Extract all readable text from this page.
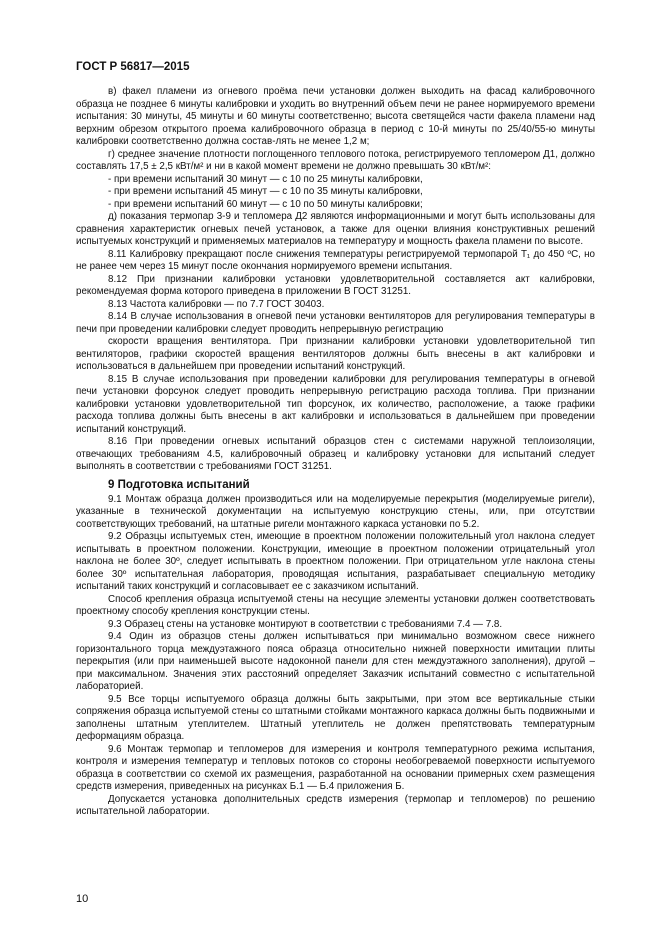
ГОСТ Р 56817—2015

в) факел пламени из огневого проёма печи установки должен выходить на фасад калибровочного образца не позднее 6 минуты калибровки и уходить во внутренний объем печи не ранее нормируемого времени испытания: 30 минуты, 45 минуты и 60 минуты соответственно; высота светящейся части факела пламени над верхним обрезом открытого проема калибровочного образца в период с 10-й минуты по 25/40/55-ю минуты калибровки соответственно должна состав-лять не менее 1,2 м;

г) среднее значение плотности поглощенного теплового потока, регистрируемого тепломером Д1, должно составлять 17,5 ± 2,5 кВт/м² и ни в какой момент времени не должно превышать 30 кВт/м²:

- при времени испытаний 30 минут — с 10 по 25 минуты калибровки,

- при времени испытаний 45 минут — с 10 по 35 минуты калибровки,

- при времени испытаний 60 минут — с 10 по 50 минуты калибровки;

д) показания термопар 3-9 и тепломера Д2 являются информационными и могут быть использованы для сравнения характеристик огневых печей установок, а также для оценки влияния конструктивных решений испытуемых конструкций и применяемых материалов на температуру и мощность факела пламени по высоте.

8.11 Калибровку прекращают после снижения температуры регистрируемой термопарой Т₁ до 450 ºС, но не ранее чем через 15 минут после окончания нормируемого времени испытания.

8.12 При признании калибровки установки удовлетворительной составляется акт калибровки, рекомендуемая форма которого приведена в приложении В ГОСТ 31251.

8.13 Частота калибровки — по 7.7 ГОСТ 30403.

8.14 В случае использования в огневой печи установки вентиляторов для регулирования температуры в печи при проведении калибровки следует проводить непрерывную регистрацию

скорости вращения вентилятора. При признании калибровки установки удовлетворительной тип вентиляторов, графики скоростей вращения вентиляторов должны быть внесены в акт калибровки и использоваться в дальнейшем при проведении испытаний конструкций.

8.15 В случае использования при проведении калибровки для регулирования температуры в огневой печи установки форсунок следует проводить непрерывную регистрацию расхода топлива. При признании калибровки установки удовлетворительной тип форсунок, их количество, расположение, а также графики расхода топлива должны быть внесены в акт калибровки и использоваться в дальнейшем при проведении испытаний конструкций.

8.16 При проведении огневых испытаний образцов стен с системами наружной теплоизоляции, отвечающих требованиям 4.5, калибровочный образец и калибровку установки для испытаний следует выполнять в соответствии с требованиями ГОСТ 31251.

9 Подготовка испытаний

9.1 Монтаж образца должен производиться или на моделируемые перекрытия (моделируемые ригели), указанные в технической документации на испытуемую конструкцию стены, или, при отсутствии соответствующих требований, на штатные ригели монтажного каркаса установки по 5.2.

9.2 Образцы испытуемых стен, имеющие в проектном положении положительный угол наклона следует испытывать в проектном положении. Конструкции, имеющие в проектном положении отрицательный угол наклона не более 30º, следует испытывать в проектном положении. При отрицательном угле наклона стены более 30º испытательная лаборатория, проводящая испытания, разрабатывает специальную методику испытаний таких конструкций и согласовывает ее с заказчиком испытаний.

Способ крепления образца испытуемой стены на несущие элементы установки должен соответствовать проектному способу крепления конструкции стены.

9.3 Образец стены на установке монтируют в соответствии с требованиями 7.4 — 7.8.

9.4 Один из образцов стены должен испытываться при минимально возможном свесе нижнего горизонтального торца междуэтажного пояса образца относительно нижней поверхности имитации плиты перекрытия (или при наименьшей высоте надоконной панели для стен междуэтажного заполнения), другой – при максимальном. Значения этих расстояний определяет Заказчик испытаний совместно с испытательной лабораторией.

9.5 Все торцы испытуемого образца должны быть закрытыми, при этом все вертикальные стыки сопряжения образца испытуемой стены со штатными стойками монтажного каркаса должны быть подвижными и заполнены штатным утеплителем. Штатный утеплитель не должен препятствовать температурным деформациям образца.

9.6 Монтаж термопар и тепломеров для измерения и контроля температурного режима испытания, контроля и измерения температур и тепловых потоков со стороны необогреваемой поверхности испытуемого образца в соответствии со схемой их размещения, разработанной на основании примерных схем размещения средств измерения, приведенных на рисунках Б.1 — Б.4 приложения Б.

Допускается установка дополнительных средств измерения (термопар и тепломеров) по решению испытательной лаборатории.

10
